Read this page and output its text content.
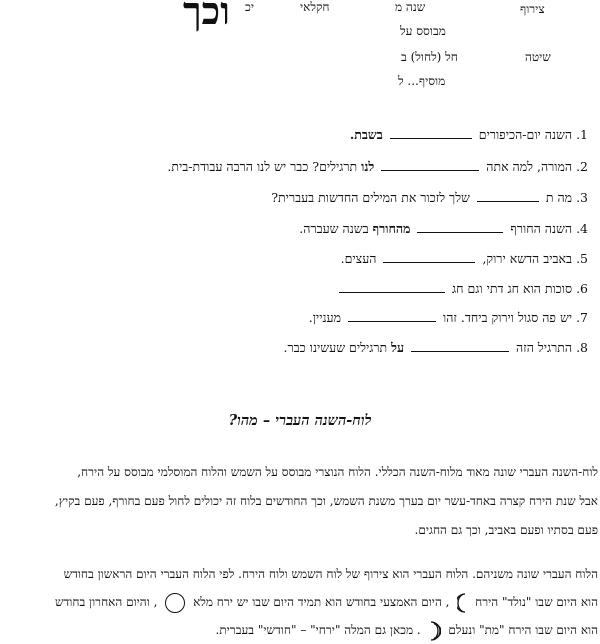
וכך יכ	חקלאי	שנה מ	צירוף
מבוסס על
חל (לחול) ב	שיטה
מוסיף... ל
1. השנה יום-הכיפורים  בשבת.
2. המורה, למה אתה  לנו תרגילים? כבר יש לנו הרבה עבודת-בית.
3. מה ת  שלך לזכור את המילים החדשות בעברית?
4. השנה החורף  מהחורף בשנה שעברה.
5. באביב הדשא ירוק,  העצים.
6. סוכות הוא חג דתי וגם חג
7. יש פה סגול וירוק ביחד. זהו  מעניין.
8. התרגיל הזה  על תרגילים שעשינו כבר.
לוח-השנה העברי – מהו?

לוח-השנה העברי שונה מאוד מלוח-השנה הכללי. הלוח הנוצרי מבוסס על השמש והלוח המוסלמי מבוסס על הירח,

אבל שנת הירח קצרה באחד-עשר יום בערך משנת השמש, וכך החודשים בלוח זה יכולים לחול פעם בחורף, פעם בקיץ,

פעם בסתיו ופעם באביב, וכך גם החגים.

הלוח העברי שונה משניהם. הלוח העברי הוא צירוף של לוח השמש ולוח הירח. לפי הלוח העברי היום הראשון בחודש

הוא היום שבו "נולד" הירח  , היום האמצעי בחודש הוא תמיד היום שבו יש ירח מלא  , והיום האחרון בחודש

הוא היום שבו הירח "מת" ונעלם  . מכאן גם המלה "ירחי" – "חודשי" בעברית.
